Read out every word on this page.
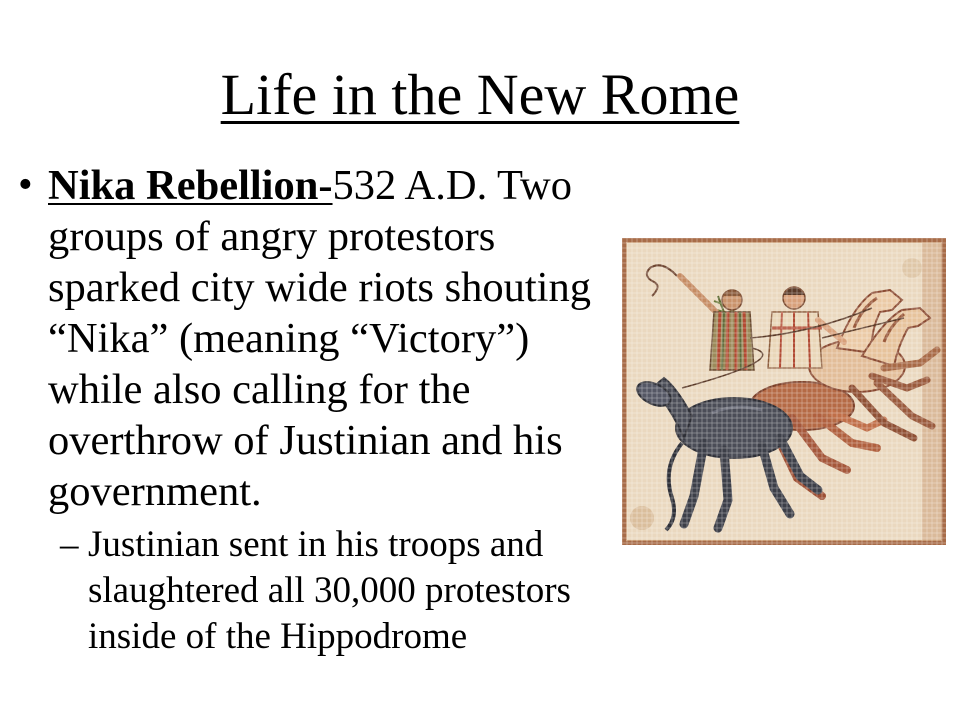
Life in the New Rome
• Nika Rebellion-532 A.D. Two
groups of angry protestors
sparked city wide riots shouting
“Nika” (meaning “Victory”)
while also calling for the
overthrow of Justinian and his
government.
– Justinian sent in his troops and
slaughtered all 30,000 protestors
inside of the Hippodrome
